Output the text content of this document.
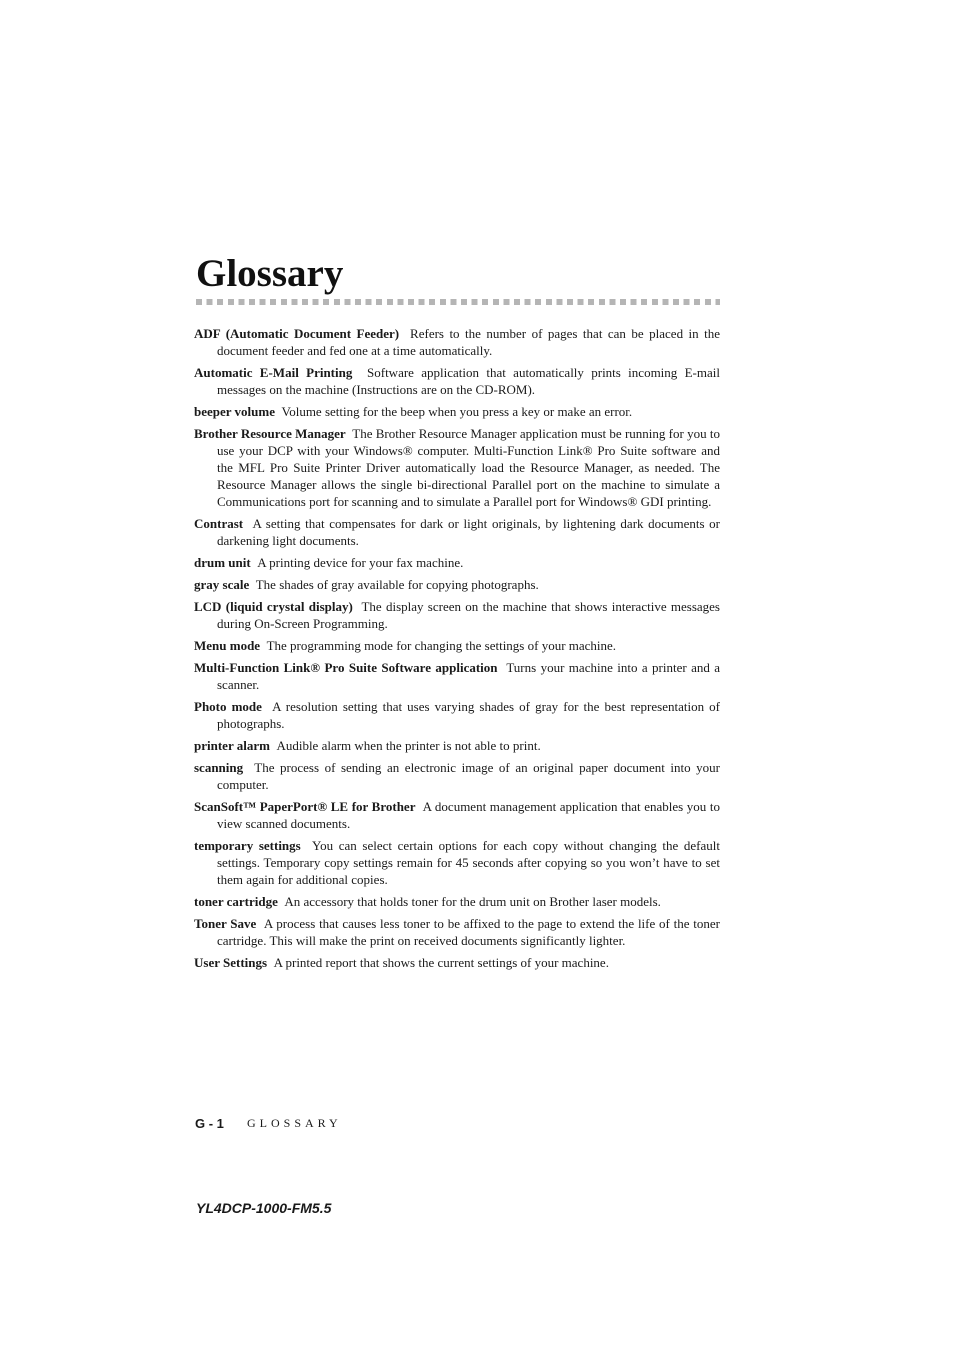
Glossary

ADF (Automatic Document Feeder) Refers to the number of pages that can be placed in the document feeder and fed one at a time automatically.

Automatic E-Mail Printing Software application that automatically prints incoming E-mail messages on the machine (Instructions are on the CD-ROM).

beeper volume Volume setting for the beep when you press a key or make an error.

Brother Resource Manager The Brother Resource Manager application must be running for you to use your DCP with your Windows® computer. Multi-Function Link® Pro Suite software and the MFL Pro Suite Printer Driver automatically load the Resource Manager, as needed. The Resource Manager allows the single bi-directional Parallel port on the machine to simulate a Communications port for scanning and to simulate a Parallel port for Windows® GDI printing.

Contrast A setting that compensates for dark or light originals, by lightening dark documents or darkening light documents.

drum unit A printing device for your fax machine.

gray scale The shades of gray available for copying photographs.

LCD (liquid crystal display) The display screen on the machine that shows interactive messages during On-Screen Programming.

Menu mode The programming mode for changing the settings of your machine.

Multi-Function Link® Pro Suite Software application Turns your machine into a printer and a scanner.

Photo mode A resolution setting that uses varying shades of gray for the best representation of photographs.

printer alarm Audible alarm when the printer is not able to print.

scanning The process of sending an electronic image of an original paper document into your computer.

ScanSoft™ PaperPort® LE for Brother A document management application that enables you to view scanned documents.

temporary settings You can select certain options for each copy without changing the default settings. Temporary copy settings remain for 45 seconds after copying so you won’t have to set them again for additional copies.

toner cartridge An accessory that holds toner for the drum unit on Brother laser models.

Toner Save A process that causes less toner to be affixed to the page to extend the life of the toner cartridge. This will make the print on received documents significantly lighter.

User Settings A printed report that shows the current settings of your machine.

G - 1 GLOSSARY
YL4DCP-1000-FM5.5
